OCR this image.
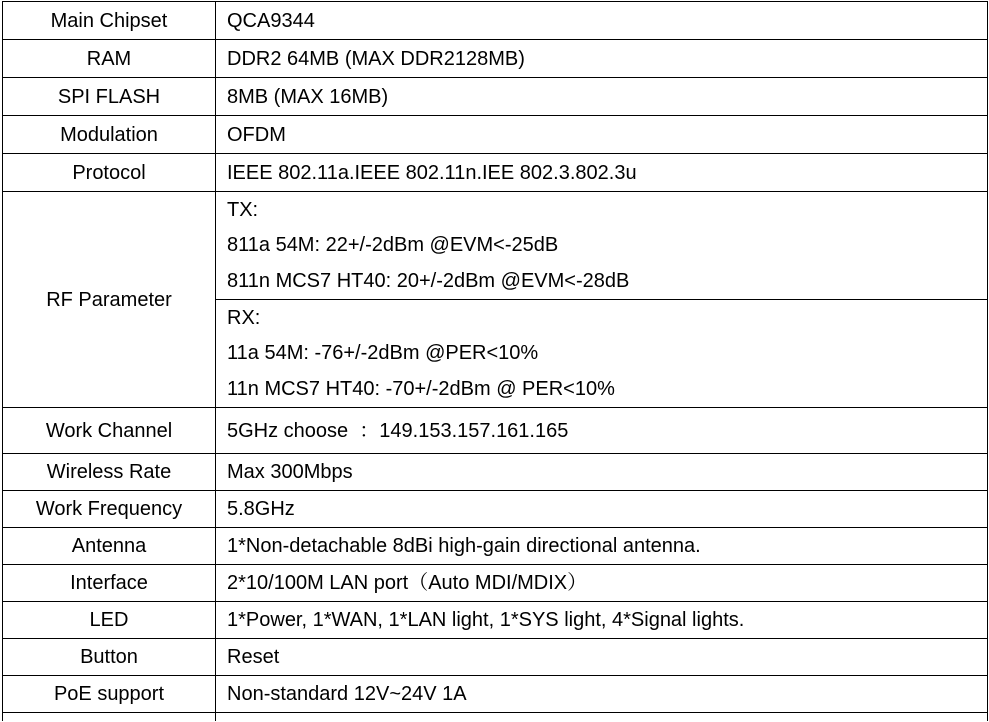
Main Chipset	QCA9344
RAM	DDR2 64MB (MAX DDR2128MB)
SPI FLASH	8MB (MAX 16MB)
Modulation	OFDM
Protocol	IEEE 802.11a.IEEE 802.11n.IEE 802.3.802.3u
RF Parameter	TX:
811a 54M: 22+/-2dBm @EVM<-25dB
811n MCS7 HT40: 20+/-2dBm @EVM<-28dB

RX:
11a 54M: -76+/-2dBm @PER<10%
11n MCS7 HT40: -70+/-2dBm @ PER<10%

Work Channel	5GHz choose  ：149.153.157.161.165
Wireless Rate	Max 300Mbps
Work Frequency	5.8GHz
Antenna	1*Non-detachable 8dBi high-gain directional antenna.
Interface	2*10/100M LAN port（Auto MDI/MDIX）
LED	1*Power, 1*WAN, 1*LAN light, 1*SYS light, 4*Signal lights.
Button	Reset
PoE support	Non-standard 12V~24V 1A
